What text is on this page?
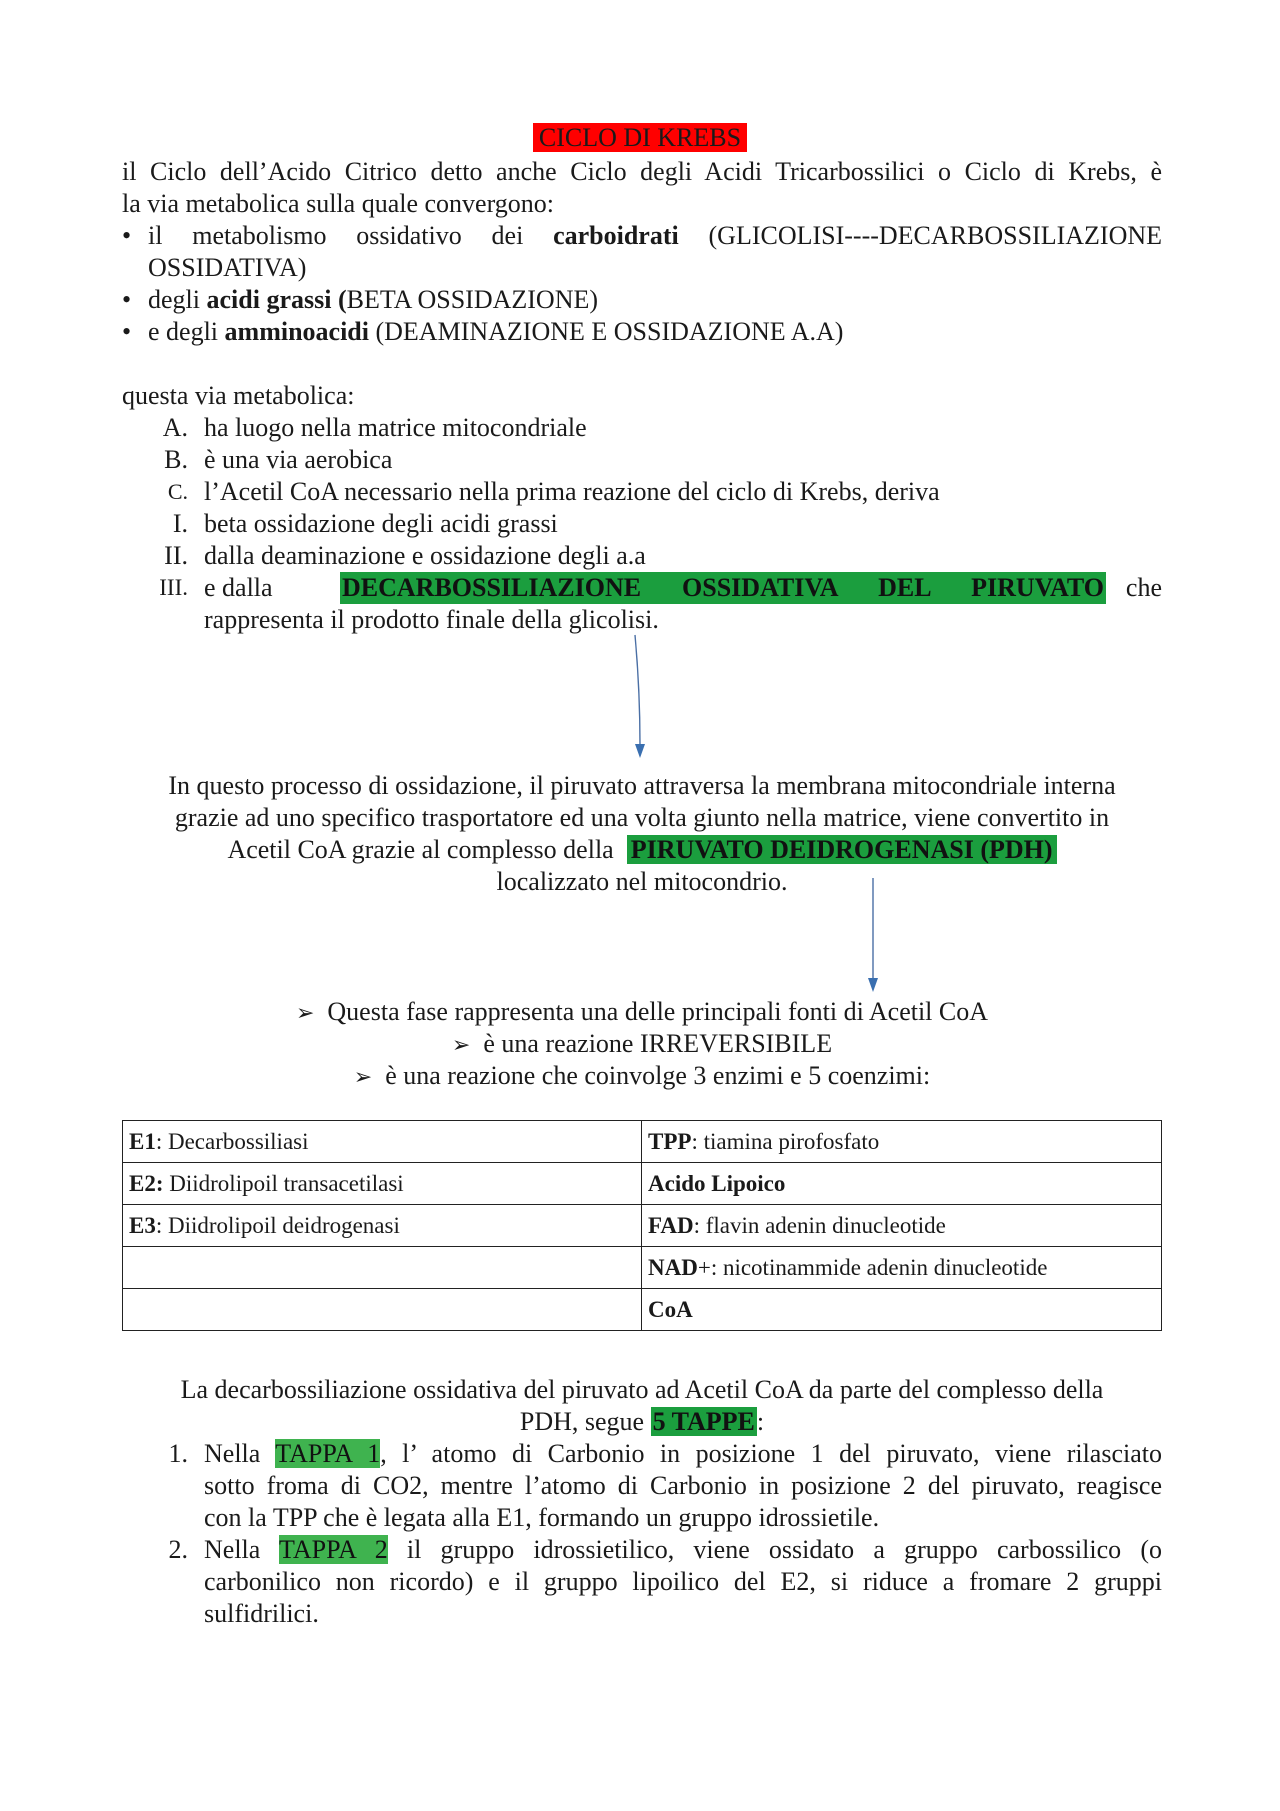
CICLO DI KREBS
il Ciclo dell’Acido Citrico detto anche Ciclo degli Acidi Tricarbossilici o Ciclo di Krebs, è
la via metabolica sulla quale convergono:
• il metabolismo ossidativo dei carboidrati (GLICOLISI----DECARBOSSILIAZIONE
OSSIDATIVA)
• degli acidi grassi (BETA OSSIDAZIONE)
• e degli amminoacidi (DEAMINAZIONE E OSSIDAZIONE A.A)
questa via metabolica:
A. ha luogo nella matrice mitocondriale
B. è una via aerobica
C. l’Acetil CoA necessario nella prima reazione del ciclo di Krebs, deriva
I. beta ossidazione degli acidi grassi
II. dalla deaminazione e ossidazione degli a.a
III. e dalla	DECARBOSSILIAZIONE OSSIDATIVA DEL PIRUVATO che
rappresenta il prodotto finale della glicolisi.
In questo processo di ossidazione, il piruvato attraversa la membrana mitocondriale interna
grazie ad uno specifico trasportatore ed una volta giunto nella matrice, viene convertito in
Acetil CoA grazie al complesso della PIRUVATO DEIDROGENASI (PDH)
localizzato nel mitocondrio.
➢ Questa fase rappresenta una delle principali fonti di Acetil CoA
➢ è una reazione IRREVERSIBILE
➢ è una reazione che coinvolge 3 enzimi e 5 coenzimi:
E1: Decarbossiliasi	TPP: tiamina pirofosfato
E2: Diidrolipoil transacetilasi	Acido Lipoico
E3: Diidrolipoil deidrogenasi	FAD: flavin adenin dinucleotide
	NAD+: nicotinammide adenin dinucleotide
	CoA
La decarbossiliazione ossidativa del piruvato ad Acetil CoA da parte del complesso della
PDH, segue 5 TAPPE:
1. Nella TAPPA 1, l’ atomo di Carbonio in posizione 1 del piruvato, viene rilasciato
sotto froma di CO2, mentre l’atomo di Carbonio in posizione 2 del piruvato, reagisce
con la TPP che è legata alla E1, formando un gruppo idrossietile.
2. Nella TAPPA 2 il gruppo idrossietilico, viene ossidato a gruppo carbossilico (o
carbonilico non ricordo) e il gruppo lipoilico del E2, si riduce a fromare 2 gruppi
sulfidrilici.
